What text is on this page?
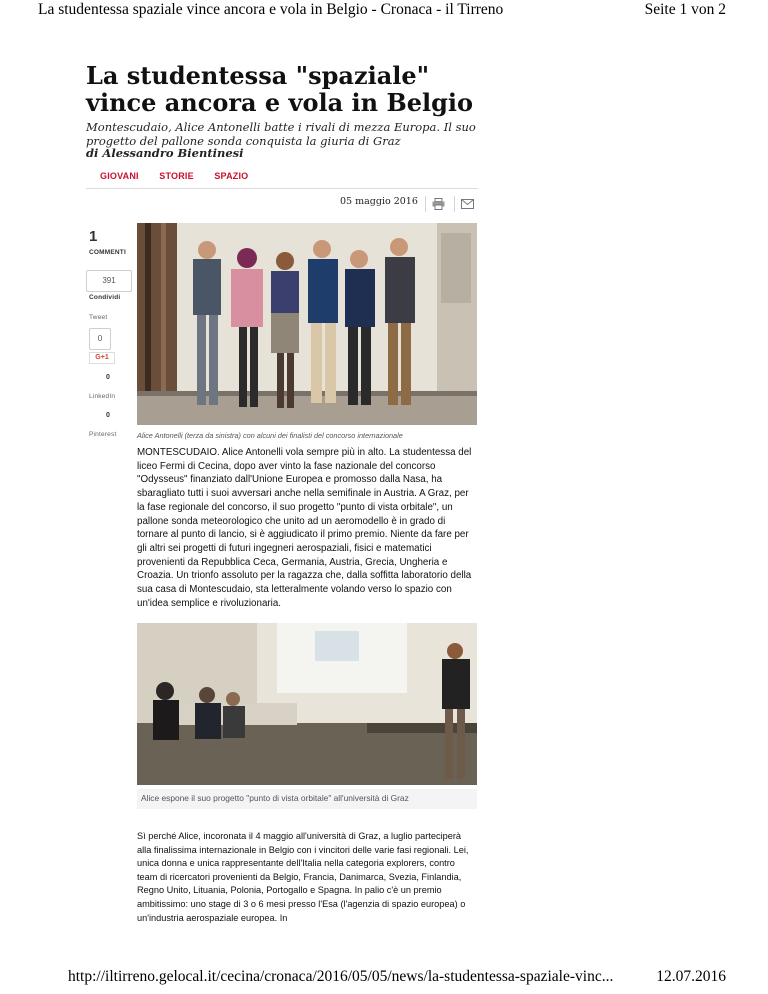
La studentessa spaziale vince ancora e vola in Belgio - Cronaca - il Tirreno	Seite 1 von 2
La studentessa "spaziale" vince ancora e vola in Belgio

Montescudaio, Alice Antonelli batte i rivali di mezza Europa. Il suo progetto del pallone sonda conquista la giuria di Graz

di Alessandro Bientinesi
GIOVANI STORIE SPAZIO
05 maggio 2016
1
COMMENTI
391
Condividi
Tweet
0
G+1
0
LinkedIn
0
Pinterest	Alice Antonelli (terza da sinistra) con alcuni dei finalisti del concorso internazionale

MONTESCUDAIO. Alice Antonelli vola sempre più in alto. La studentessa del liceo Fermi di Cecina, dopo aver vinto la fase nazionale del concorso "Odysseus" finanziato dall'Unione Europea e promosso dalla Nasa, ha sbaragliato tutti i suoi avversari anche nella semifinale in Austria. A Graz, per la fase regionale del concorso, il suo progetto "punto di vista orbitale", un pallone sonda meteorologico che unito ad un aeromodello è in grado di tornare al punto di lancio, si è aggiudicato il primo premio. Niente da fare per gli altri sei progetti di futuri ingegneri aerospaziali, fisici e matematici provenienti da Repubblica Ceca, Germania, Austria, Grecia, Ungheria e Croazia. Un trionfo assoluto per la ragazza che, dalla soffitta laboratorio della sua casa di Montescudaio, sta letteralmente volando verso lo spazio con un'idea semplice e rivoluzionaria.

Alice espone il suo progetto "punto di vista orbitale" all'università di Graz

Sì perché Alice, incoronata il 4 maggio all'università di Graz, a luglio parteciperà alla finalissima internazionale in Belgio con i vincitori delle varie fasi regionali. Lei, unica donna e unica rappresentante dell'Italia nella categoria explorers, contro team di ricercatori provenienti da Belgio, Francia, Danimarca, Svezia, Finlandia, Regno Unito, Lituania, Polonia, Portogallo e Spagna. In palio c'è un premio ambitissimo: uno stage di 3 o 6 mesi presso l'Esa (l'agenzia di spazio europea) o un'industria aerospaziale europea. In

http://iltirreno.gelocal.it/cecina/cronaca/2016/05/05/news/la-studentessa-spaziale-vinc...	12.07.2016
